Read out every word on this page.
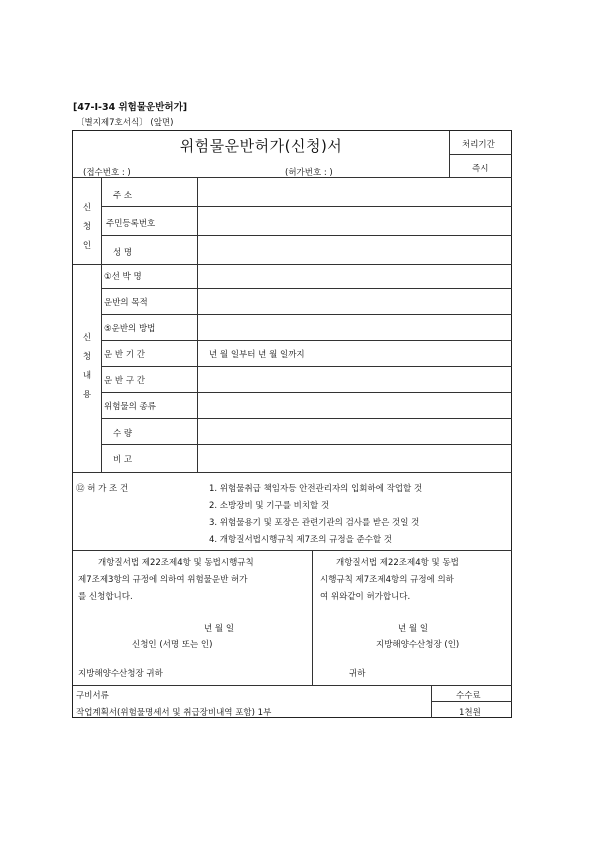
[47-Ⅰ-34 위험물운반허가]
〔별지제7호서식〕 (앞면)
위험물운반허가(신청)서	처리기간
즉시
(접수번호 : )	(허가번호 : )
신
청
인
주 소
주민등록번호
성 명
신
청
내
용
①선 박 명
운반의 목적
⑤운반의 방법
운 반 기 간	년 월 일부터 년 월 일까지
운 반 구 간
위험물의 종류
수 량
비 고
⑫ 허 가 조 건	1. 위험물취급 책임자등 안전관리자의 입회하에 작업할 것
2. 소방장비 및 기구를 비치할 것
3. 위험물용기 및 포장은 관련기관의 검사를 받은 것일 것
4. 개항질서법시행규칙 제7조의 규정을 준수할 것
개항질서법 제22조제4항 및 동법시행규칙
제7조제3항의 규정에 의하여 위험물운반 허가
를 신청합니다.
년 월 일
신청인 (서명 또는 인)
지방해양수산청장 귀하
개항질서법 제22조제4항 및 동법
시행규칙 제7조제4항의 규정에 의하
여 위와같이 허가합니다.
년 월 일
지방해양수산청장 (인)
귀하
구비서류
작업계획서(위험물명세서 및 취급장비내역 포함) 1부
수수료
1천원
